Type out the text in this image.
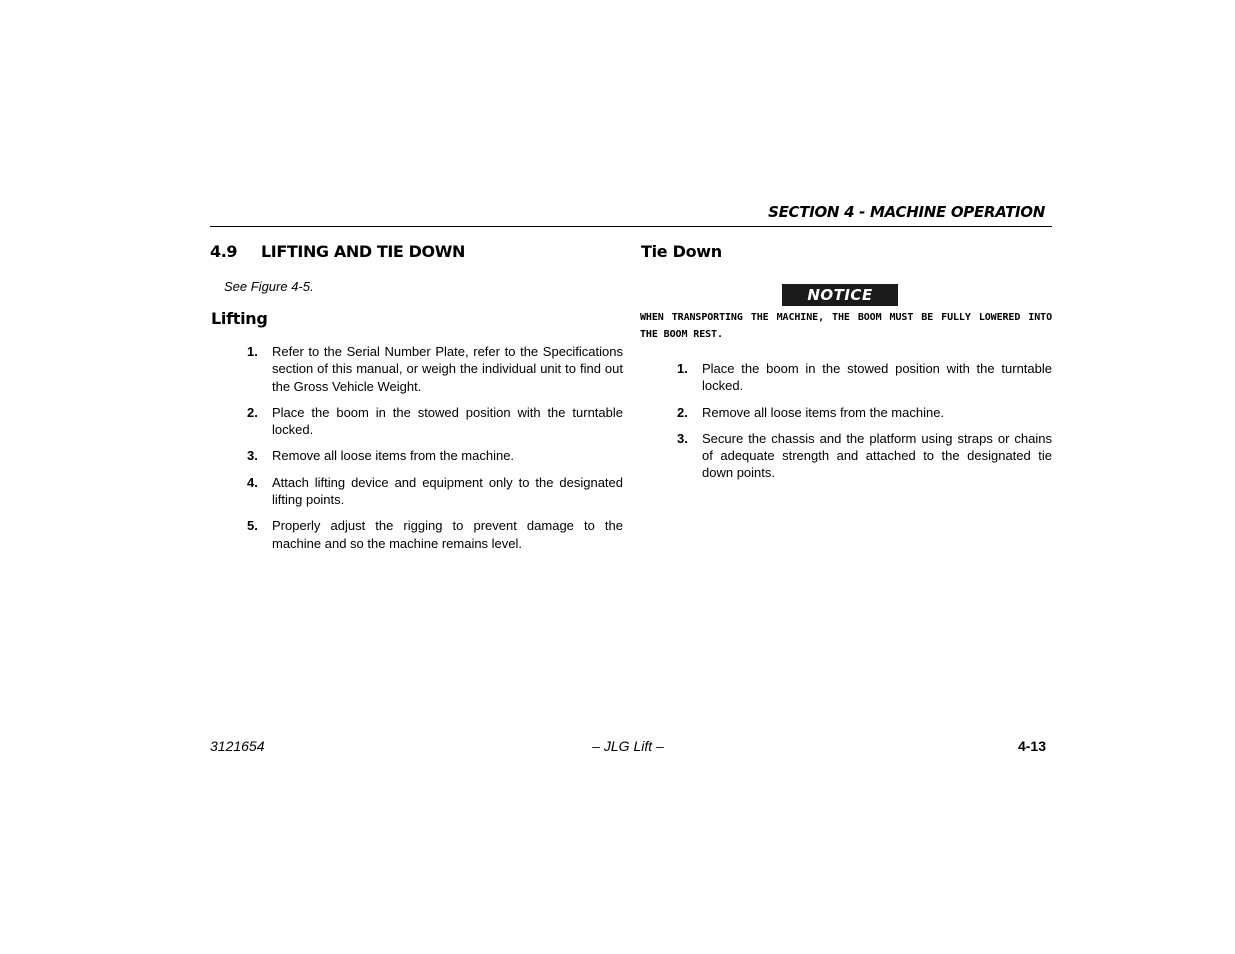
SECTION 4 - MACHINE OPERATION
4.9	LIFTING AND TIE DOWN

See Figure 4-5.

Lifting
1.	Refer to the Serial Number Plate, refer to the Specifications section of this manual, or weigh the individual unit to find out the Gross Vehicle Weight.
2.	Place the boom in the stowed position with the turntable locked.
3.	Remove all loose items from the machine.
4.	Attach lifting device and equipment only to the designated lifting points.
5.	Properly adjust the rigging to prevent damage to the machine and so the machine remains level.
Tie Down
NOTICE

WHEN TRANSPORTING THE MACHINE, THE BOOM MUST BE FULLY LOWERED INTO THE BOOM REST.

1.	Place the boom in the stowed position with the turntable locked.
2.	Remove all loose items from the machine.
3.	Secure the chassis and the platform using straps or chains of adequate strength and attached to the designated tie down points.
3121654	– JLG Lift –	4-13
